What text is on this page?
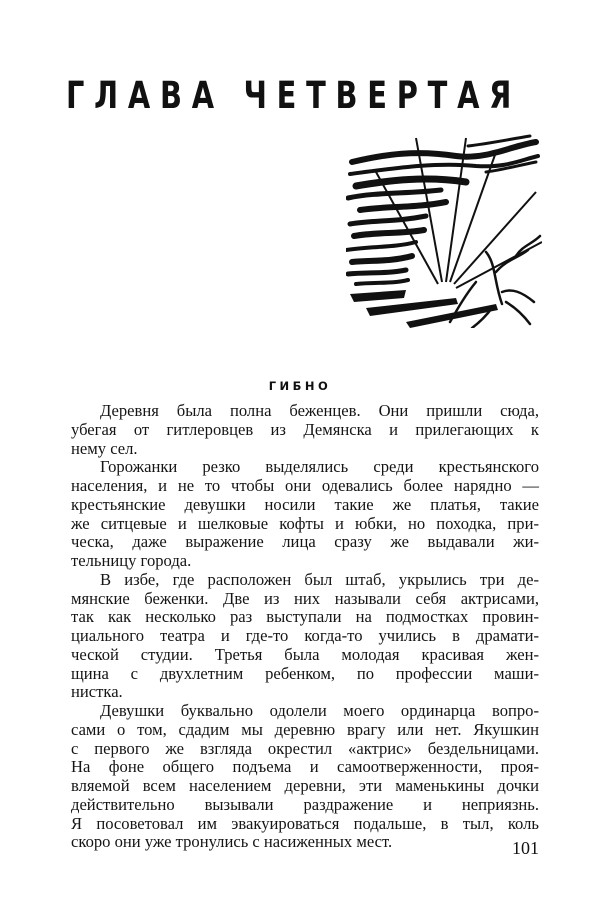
ГЛАВА ЧЕТВЕРТАЯ
ГИБНО
Деревня была полна беженцев. Они пришли сюда,
убегая от гитлеровцев из Демянска и прилегающих к
нему сел.
Горожанки резко выделялись среди крестьянского
населения, и не то чтобы они одевались более нарядно —
крестьянские девушки носили такие же платья, такие
же ситцевые и шелковые кофты и юбки, но походка, при-
ческа, даже выражение лица сразу же выдавали жи-
тельницу города.
В избе, где расположен был штаб, укрылись три де-
мянские беженки. Две из них называли себя актрисами,
так как несколько раз выступали на подмостках провин-
циального театра и где-то когда-то учились в драмати-
ческой студии. Третья была молодая красивая жен-
щина с двухлетним ребенком, по профессии маши-
нистка.
Девушки буквально одолели моего ординарца вопро-
сами о том, сдадим мы деревню врагу или нет. Якушкин
с первого же взгляда окрестил «актрис» бездельницами.
На фоне общего подъема и самоотверженности, проя-
вляемой всем населением деревни, эти маменькины дочки
действительно вызывали раздражение и неприязнь.
Я посоветовал им эвакуироваться подальше, в тыл, коль
скоро они уже тронулись с насиженных мест.	101
